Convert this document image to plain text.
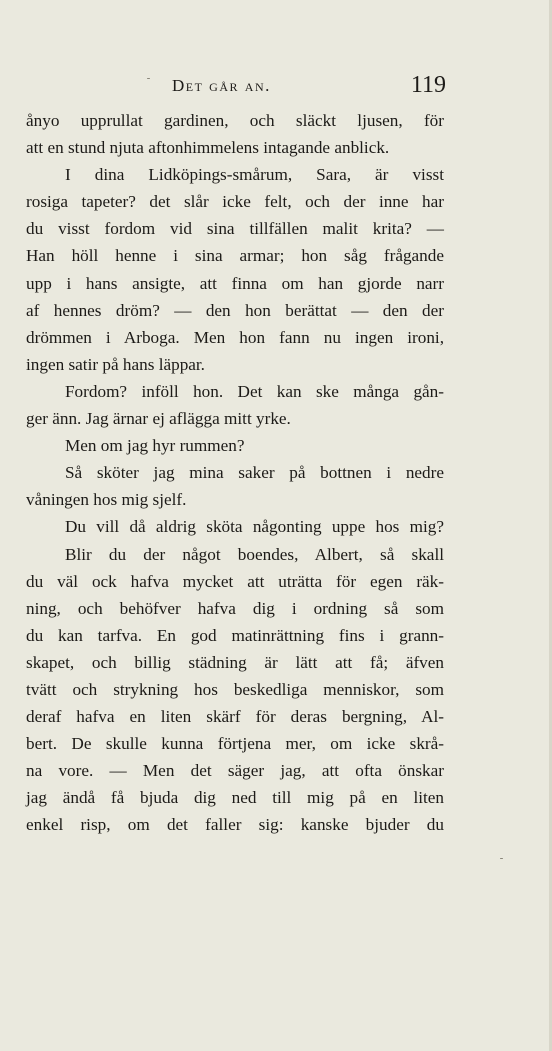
Det går an.	119
ånyo upprullat gardinen, och släckt ljusen, för
att en stund njuta aftonhimmelens intagande anblick.
I dina Lidköpings-smårum, Sara, är visst
rosiga tapeter? det slår icke felt, och der inne har
du visst fordom vid sina tillfällen malit krita? —
Han höll henne i sina armar; hon såg frågande
upp i hans ansigte, att finna om han gjorde narr
af hennes dröm? — den hon berättat — den der
drömmen i Arboga. Men hon fann nu ingen ironi,
ingen satir på hans läppar.
Fordom? inföll hon. Det kan ske många gån-
ger änn. Jag ärnar ej aflägga mitt yrke.
Men om jag hyr rummen?
Så sköter jag mina saker på bottnen i nedre
våningen hos mig sjelf.
Du vill då aldrig sköta någonting uppe hos mig?
Blir du der något boendes, Albert, så skall
du väl ock hafva mycket att uträtta för egen räk-
ning, och behöfver hafva dig i ordning så som
du kan tarfva. En god matinrättning fins i grann-
skapet, och billig städning är lätt att få; äfven
tvätt och strykning hos beskedliga menniskor, som
deraf hafva en liten skärf för deras bergning, Al-
bert. De skulle kunna förtjena mer, om icke skrå-
na vore. — Men det säger jag, att ofta önskar
jag ändå få bjuda dig ned till mig på en liten
enkel risp, om det faller sig: kanske bjuder du
